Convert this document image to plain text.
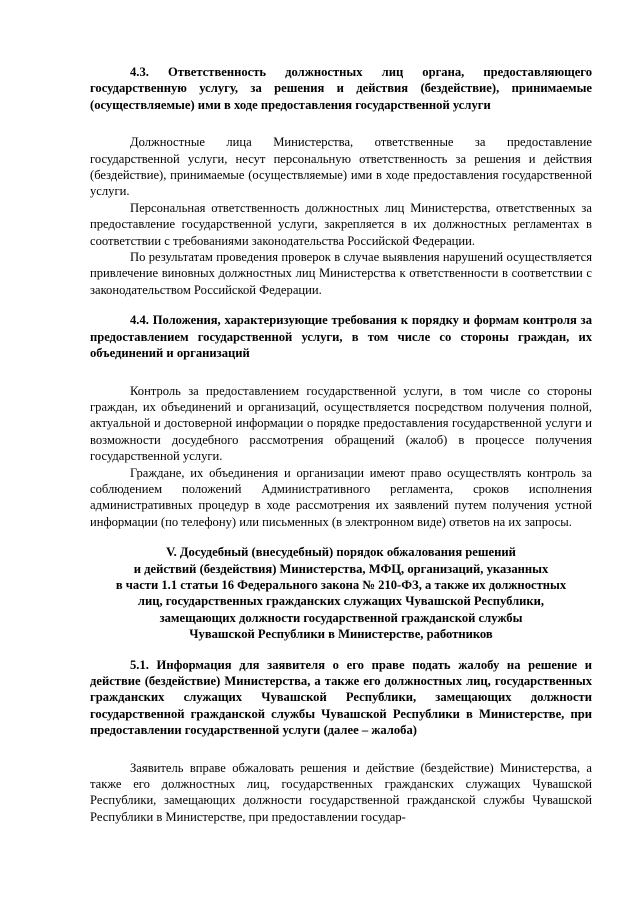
4.3. Ответственность должностных лиц органа, предоставляющего государственную услугу, за решения и действия (бездействие), принимаемые (осуществляемые) ими в ходе предоставления государственной услуги

Должностные лица Министерства, ответственные за предоставление государственной услуги, несут персональную ответственность за решения и действия (бездействие), принимаемые (осуществляемые) ими в ходе предоставления государственной услуги.

Персональная ответственность должностных лиц Министерства, ответственных за предоставление государственной услуги, закрепляется в их должностных регламентах в соответствии с требованиями законодательства Российской Федерации.

По результатам проведения проверок в случае выявления нарушений осуществляется привлечение виновных должностных лиц Министерства к ответственности в соответствии с законодательством Российской Федерации.

4.4. Положения, характеризующие требования к порядку и формам контроля за предоставлением государственной услуги, в том числе со стороны граждан, их объединений и организаций

Контроль за предоставлением государственной услуги, в том числе со стороны граждан, их объединений и организаций, осуществляется посредством получения полной, актуальной и достоверной информации о порядке предоставления государственной услуги и возможности досудебного рассмотрения обращений (жалоб) в процессе получения государственной услуги.

Граждане, их объединения и организации имеют право осуществлять контроль за соблюдением положений Административного регламента, сроков исполнения административных процедур в ходе рассмотрения их заявлений путем получения устной информации (по телефону) или письменных (в электронном виде) ответов на их запросы.

V. Досудебный (внесудебный) порядок обжалования решений

и действий (бездействия) Министерства, МФЦ, организаций, указанных

в части 1.1 статьи 16 Федерального закона № 210-ФЗ, а также их должностных

лиц, государственных гражданских служащих Чувашской Республики,

замещающих должности государственной гражданской службы

Чувашской Республики в Министерстве, работников

5.1. Информация для заявителя о его праве подать жалобу на решение и действие (бездействие) Министерства, а также его должностных лиц, государственных гражданских служащих Чувашской Республики, замещающих должности государственной гражданской службы Чувашской Республики в Министерстве, при предоставлении государственной услуги (далее – жалоба)

Заявитель вправе обжаловать решения и действие (бездействие) Министерства, а также его должностных лиц, государственных гражданских служащих Чувашской Республики, замещающих должности государственной гражданской службы Чувашской Республики в Министерстве, при предоставлении государ-
